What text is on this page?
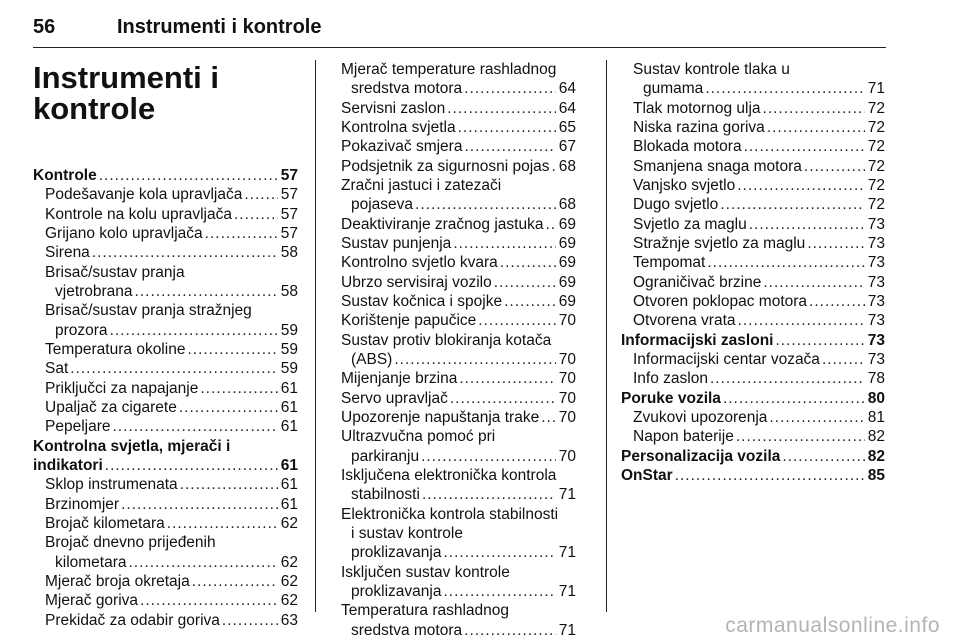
56	Instrumenti i kontrole
Instrumenti i
kontrole
Kontrole .....	57
Podešavanje kola upravljača ..... 57
Kontrole na kolu upravljača .....	57
Grijano kolo upravljača .....	57
Sirena .....	58
Brisač/sustav pranja
vjetrobrana .....	58
Brisač/sustav pranja stražnjeg
prozora .....	59
Temperatura okoline .....	59
Sat .....	59
Priključci za napajanje .....	61
Upaljač za cigarete .....	61
Pepeljare .....	61
Kontrolna svjetla, mjerači i
indikatori .....	61
Sklop instrumenata .....	61
Brzinomjer .....	61
Brojač kilometara .....	62
Brojač dnevno prijeđenih
kilometara .....	62
Mjerač broja okretaja .....	62
Mjerač goriva .....	62
Prekidač za odabir goriva .....	63
Mjerač temperature rashladnog
sredstva motora .....	64
Servisni zaslon .....	64
Kontrolna svjetla .....	65
Pokazivač smjera .....	67
Podsjetnik za sigurnosni pojas ..... 68
Zračni jastuci i zatezači
pojaseva .....	68
Deaktiviranje zračnog jastuka ..... 69
Sustav punjenja .....	69
Kontrolno svjetlo kvara .....	69
Ubrzo servisiraj vozilo .....	69
Sustav kočnica i spojke .....	69
Korištenje papučice .....	70
Sustav protiv blokiranja kotača
(ABS) .....	70
Mijenjanje brzina .....	70
Servo upravljač .....	70
Upozorenje napuštanja trake ..... 70
Ultrazvučna pomoć pri
parkiranju .....	70
Isključena elektronička kontrola
stabilnosti .....	71
Elektronička kontrola stabilnosti
i sustav kontrole
proklizavanja .....	71
Isključen sustav kontrole
proklizavanja .....	71
Temperatura rashladnog
sredstva motora .....	71
Sustav kontrole tlaka u
gumama .....	71
Tlak motornog ulja .....	72
Niska razina goriva .....	72
Blokada motora .....	72
Smanjena snaga motora .....	72
Vanjsko svjetlo .....	72
Dugo svjetlo .....	72
Svjetlo za maglu .....	73
Stražnje svjetlo za maglu .....	73
Tempomat .....	73
Ograničivač brzine .....	73
Otvoren poklopac motora .....	73
Otvorena vrata .....	73
Informacijski zasloni .....	73
Informacijski centar vozača .....	73
Info zaslon .....	78
Poruke vozila .....	80
Zvukovi upozorenja .....	81
Napon baterije .....	82
Personalizacija vozila .....	82
OnStar .....	85
carmanualsonline.info
